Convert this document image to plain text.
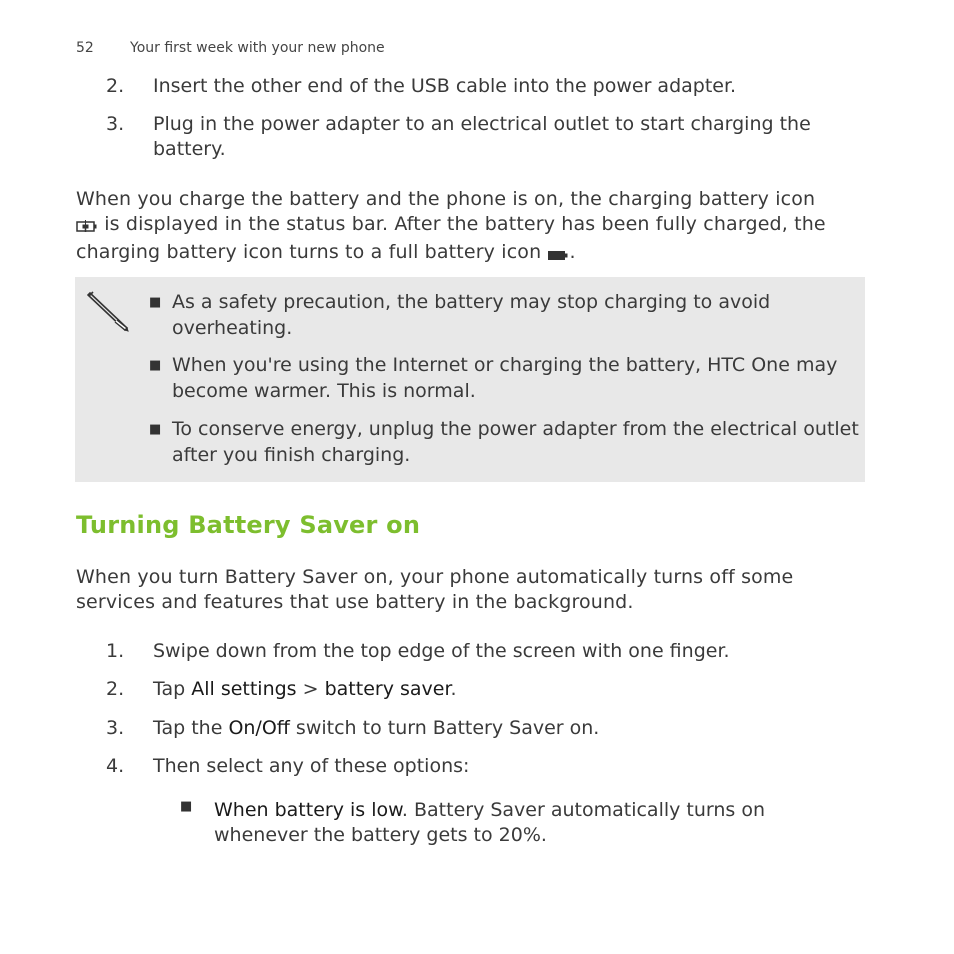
52	Your first week with your new phone
2.	Insert the other end of the USB cable into the power adapter.
3.	Plug in the power adapter to an electrical outlet to start charging the battery.
When you charge the battery and the phone is on, the charging battery icon  is displayed in the status bar. After the battery has been fully charged, the charging battery icon turns to a full battery icon .
■ As a safety precaution, the battery may stop charging to avoid overheating.
■ When you're using the Internet or charging the battery, HTC One may become warmer. This is normal.
■ To conserve energy, unplug the power adapter from the electrical outlet after you finish charging.
Turning Battery Saver on
When you turn Battery Saver on, your phone automatically turns off some services and features that use battery in the background.
1.	Swipe down from the top edge of the screen with one finger.
2.	Tap All settings > battery saver.
3.	Tap the On/Off switch to turn Battery Saver on.
4.	Then select any of these options:
■ When battery is low. Battery Saver automatically turns on whenever the battery gets to 20%.
